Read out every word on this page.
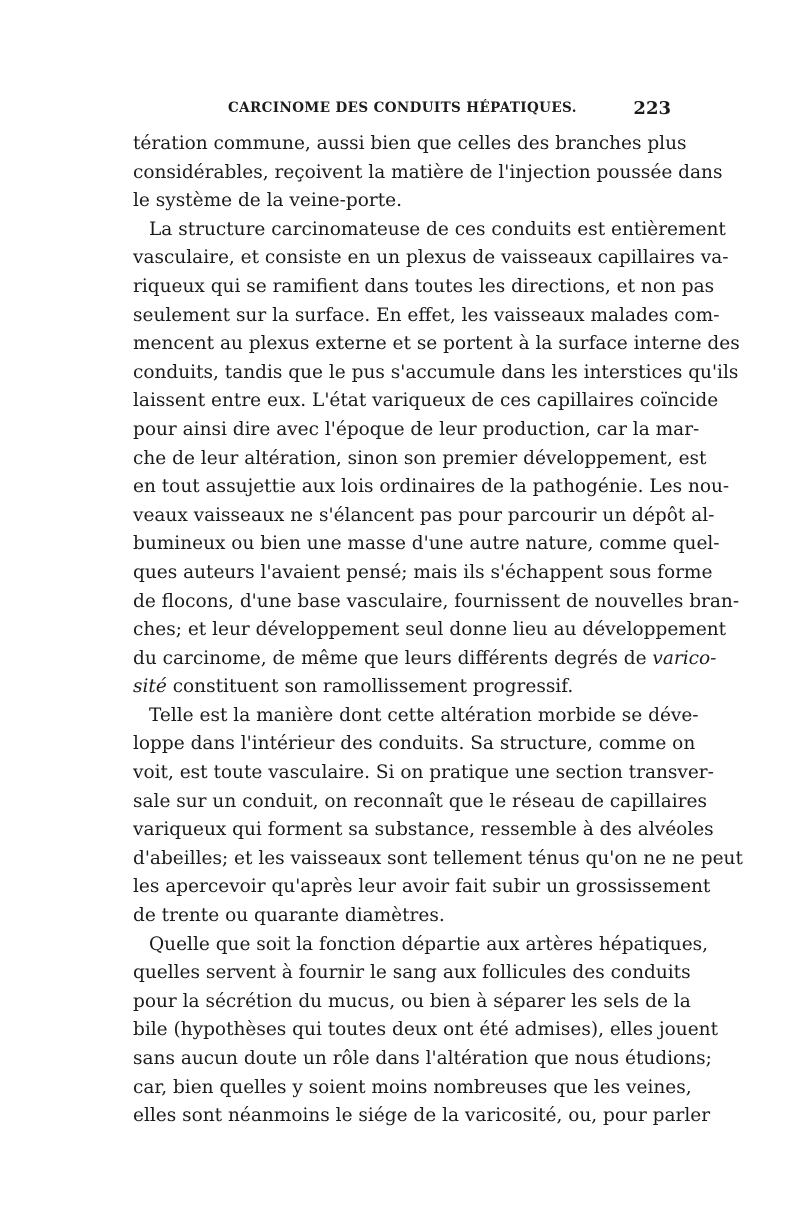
CARCINOME DES CONDUITS HÉPATIQUES.	223
tération commune, aussi bien que celles des branches plus
considérables, reçoivent la matière de l'injection poussée dans
le système de la veine-porte.
La structure carcinomateuse de ces conduits est entièrement
vasculaire, et consiste en un plexus de vaisseaux capillaires va-
riqueux qui se ramifient dans toutes les directions, et non pas
seulement sur la surface. En effet, les vaisseaux malades com-
mencent au plexus externe et se portent à la surface interne des
conduits, tandis que le pus s'accumule dans les interstices qu'ils
laissent entre eux. L'état variqueux de ces capillaires coïncide
pour ainsi dire avec l'époque de leur production, car la mar-
che de leur altération, sinon son premier développement, est
en tout assujettie aux lois ordinaires de la pathogénie. Les nou-
veaux vaisseaux ne s'élancent pas pour parcourir un dépôt al-
bumineux ou bien une masse d'une autre nature, comme quel-
ques auteurs l'avaient pensé; mais ils s'échappent sous forme
de flocons, d'une base vasculaire, fournissent de nouvelles bran-
ches; et leur développement seul donne lieu au développement
du carcinome, de même que leurs différents degrés de varico-
sité constituent son ramollissement progressif.
Telle est la manière dont cette altération morbide se déve-
loppe dans l'intérieur des conduits. Sa structure, comme on
voit, est toute vasculaire. Si on pratique une section transver-
sale sur un conduit, on reconnaît que le réseau de capillaires
variqueux qui forment sa substance, ressemble à des alvéoles
d'abeilles; et les vaisseaux sont tellement ténus qu'on ne ne peut
les apercevoir qu'après leur avoir fait subir un grossissement
de trente ou quarante diamètres.
Quelle que soit la fonction départie aux artères hépatiques,
quelles servent à fournir le sang aux follicules des conduits
pour la sécrétion du mucus, ou bien à séparer les sels de la
bile (hypothèses qui toutes deux ont été admises), elles jouent
sans aucun doute un rôle dans l'altération que nous étudions;
car, bien quelles y soient moins nombreuses que les veines,
elles sont néanmoins le siége de la varicosité, ou, pour parler
